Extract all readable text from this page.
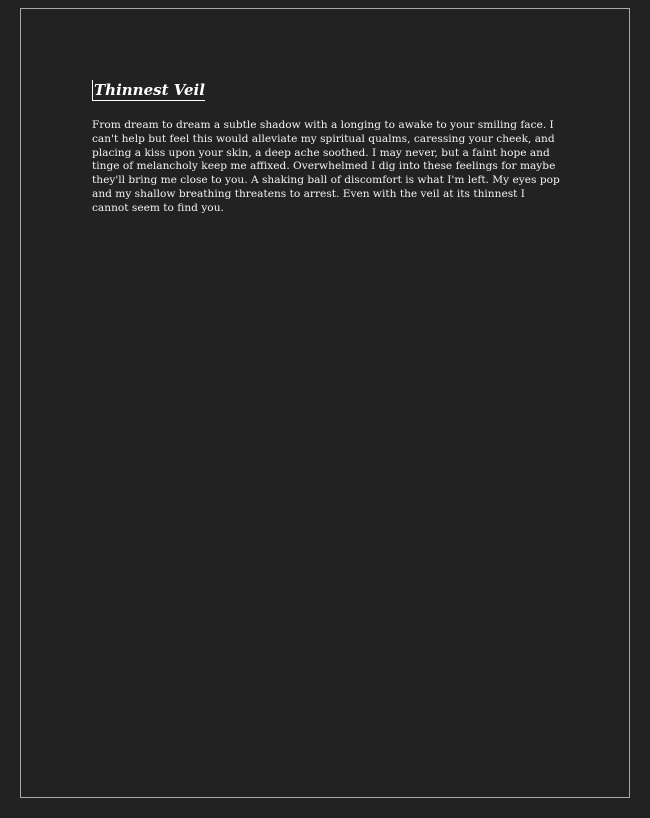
Thinnest Veil

From dream to dream a subtle shadow with a longing to awake to your smiling face. I can't help but feel this would alleviate my spiritual qualms, caressing your cheek, and placing a kiss upon your skin, a deep ache soothed. I may never, but a faint hope and tinge of melancholy keep me affixed. Overwhelmed I dig into these feelings for maybe they'll bring me close to you. A shaking ball of discomfort is what I'm left. My eyes pop and my shallow breathing threatens to arrest. Even with the veil at its thinnest I cannot seem to find you.
